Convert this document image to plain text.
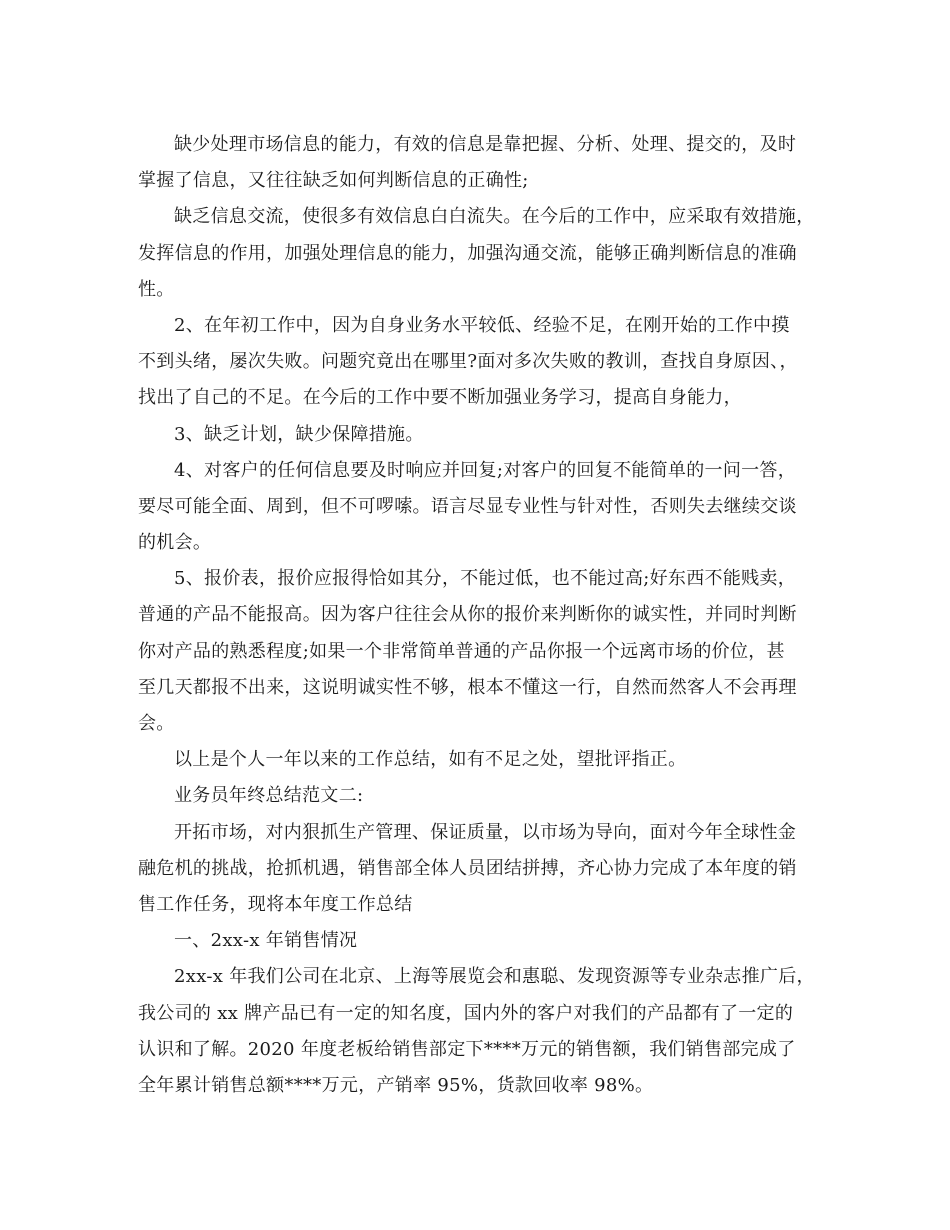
缺少处理市场信息的能力，有效的信息是靠把握、分析、处理、提交的，及时
掌握了信息，又往往缺乏如何判断信息的正确性;
缺乏信息交流，使很多有效信息白白流失。在今后的工作中，应采取有效措施，
发挥信息的作用，加强处理信息的能力，加强沟通交流，能够正确判断信息的准确
性。
2、在年初工作中，因为自身业务水平较低、经验不足，在刚开始的工作中摸
不到头绪，屡次失败。问题究竟出在哪里?面对多次失败的教训，查找自身原因、，
找出了自己的不足。在今后的工作中要不断加强业务学习，提高自身能力，
3、缺乏计划，缺少保障措施。
4、对客户的任何信息要及时响应并回复;对客户的回复不能简单的一问一答，
要尽可能全面、周到，但不可啰嗦。语言尽显专业性与针对性，否则失去继续交谈
的机会。
5、报价表，报价应报得恰如其分，不能过低，也不能过高;好东西不能贱卖，
普通的产品不能报高。因为客户往往会从你的报价来判断你的诚实性，并同时判断
你对产品的熟悉程度;如果一个非常简单普通的产品你报一个远离市场的价位，甚
至几天都报不出来，这说明诚实性不够，根本不懂这一行，自然而然客人不会再理
会。
以上是个人一年以来的工作总结，如有不足之处，望批评指正。
业务员年终总结范文二:
开拓市场，对内狠抓生产管理、保证质量，以市场为导向，面对今年全球性金
融危机的挑战，抢抓机遇，销售部全体人员团结拼搏，齐心协力完成了本年度的销
售工作任务，现将本年度工作总结
一、2xx-x 年销售情况
2xx-x 年我们公司在北京、上海等展览会和惠聪、发现资源等专业杂志推广后，
我公司的 xx 牌产品已有一定的知名度，国内外的客户对我们的产品都有了一定的
认识和了解。2020 年度老板给销售部定下****万元的销售额，我们销售部完成了
全年累计销售总额****万元，产销率 95%，货款回收率 98%。
